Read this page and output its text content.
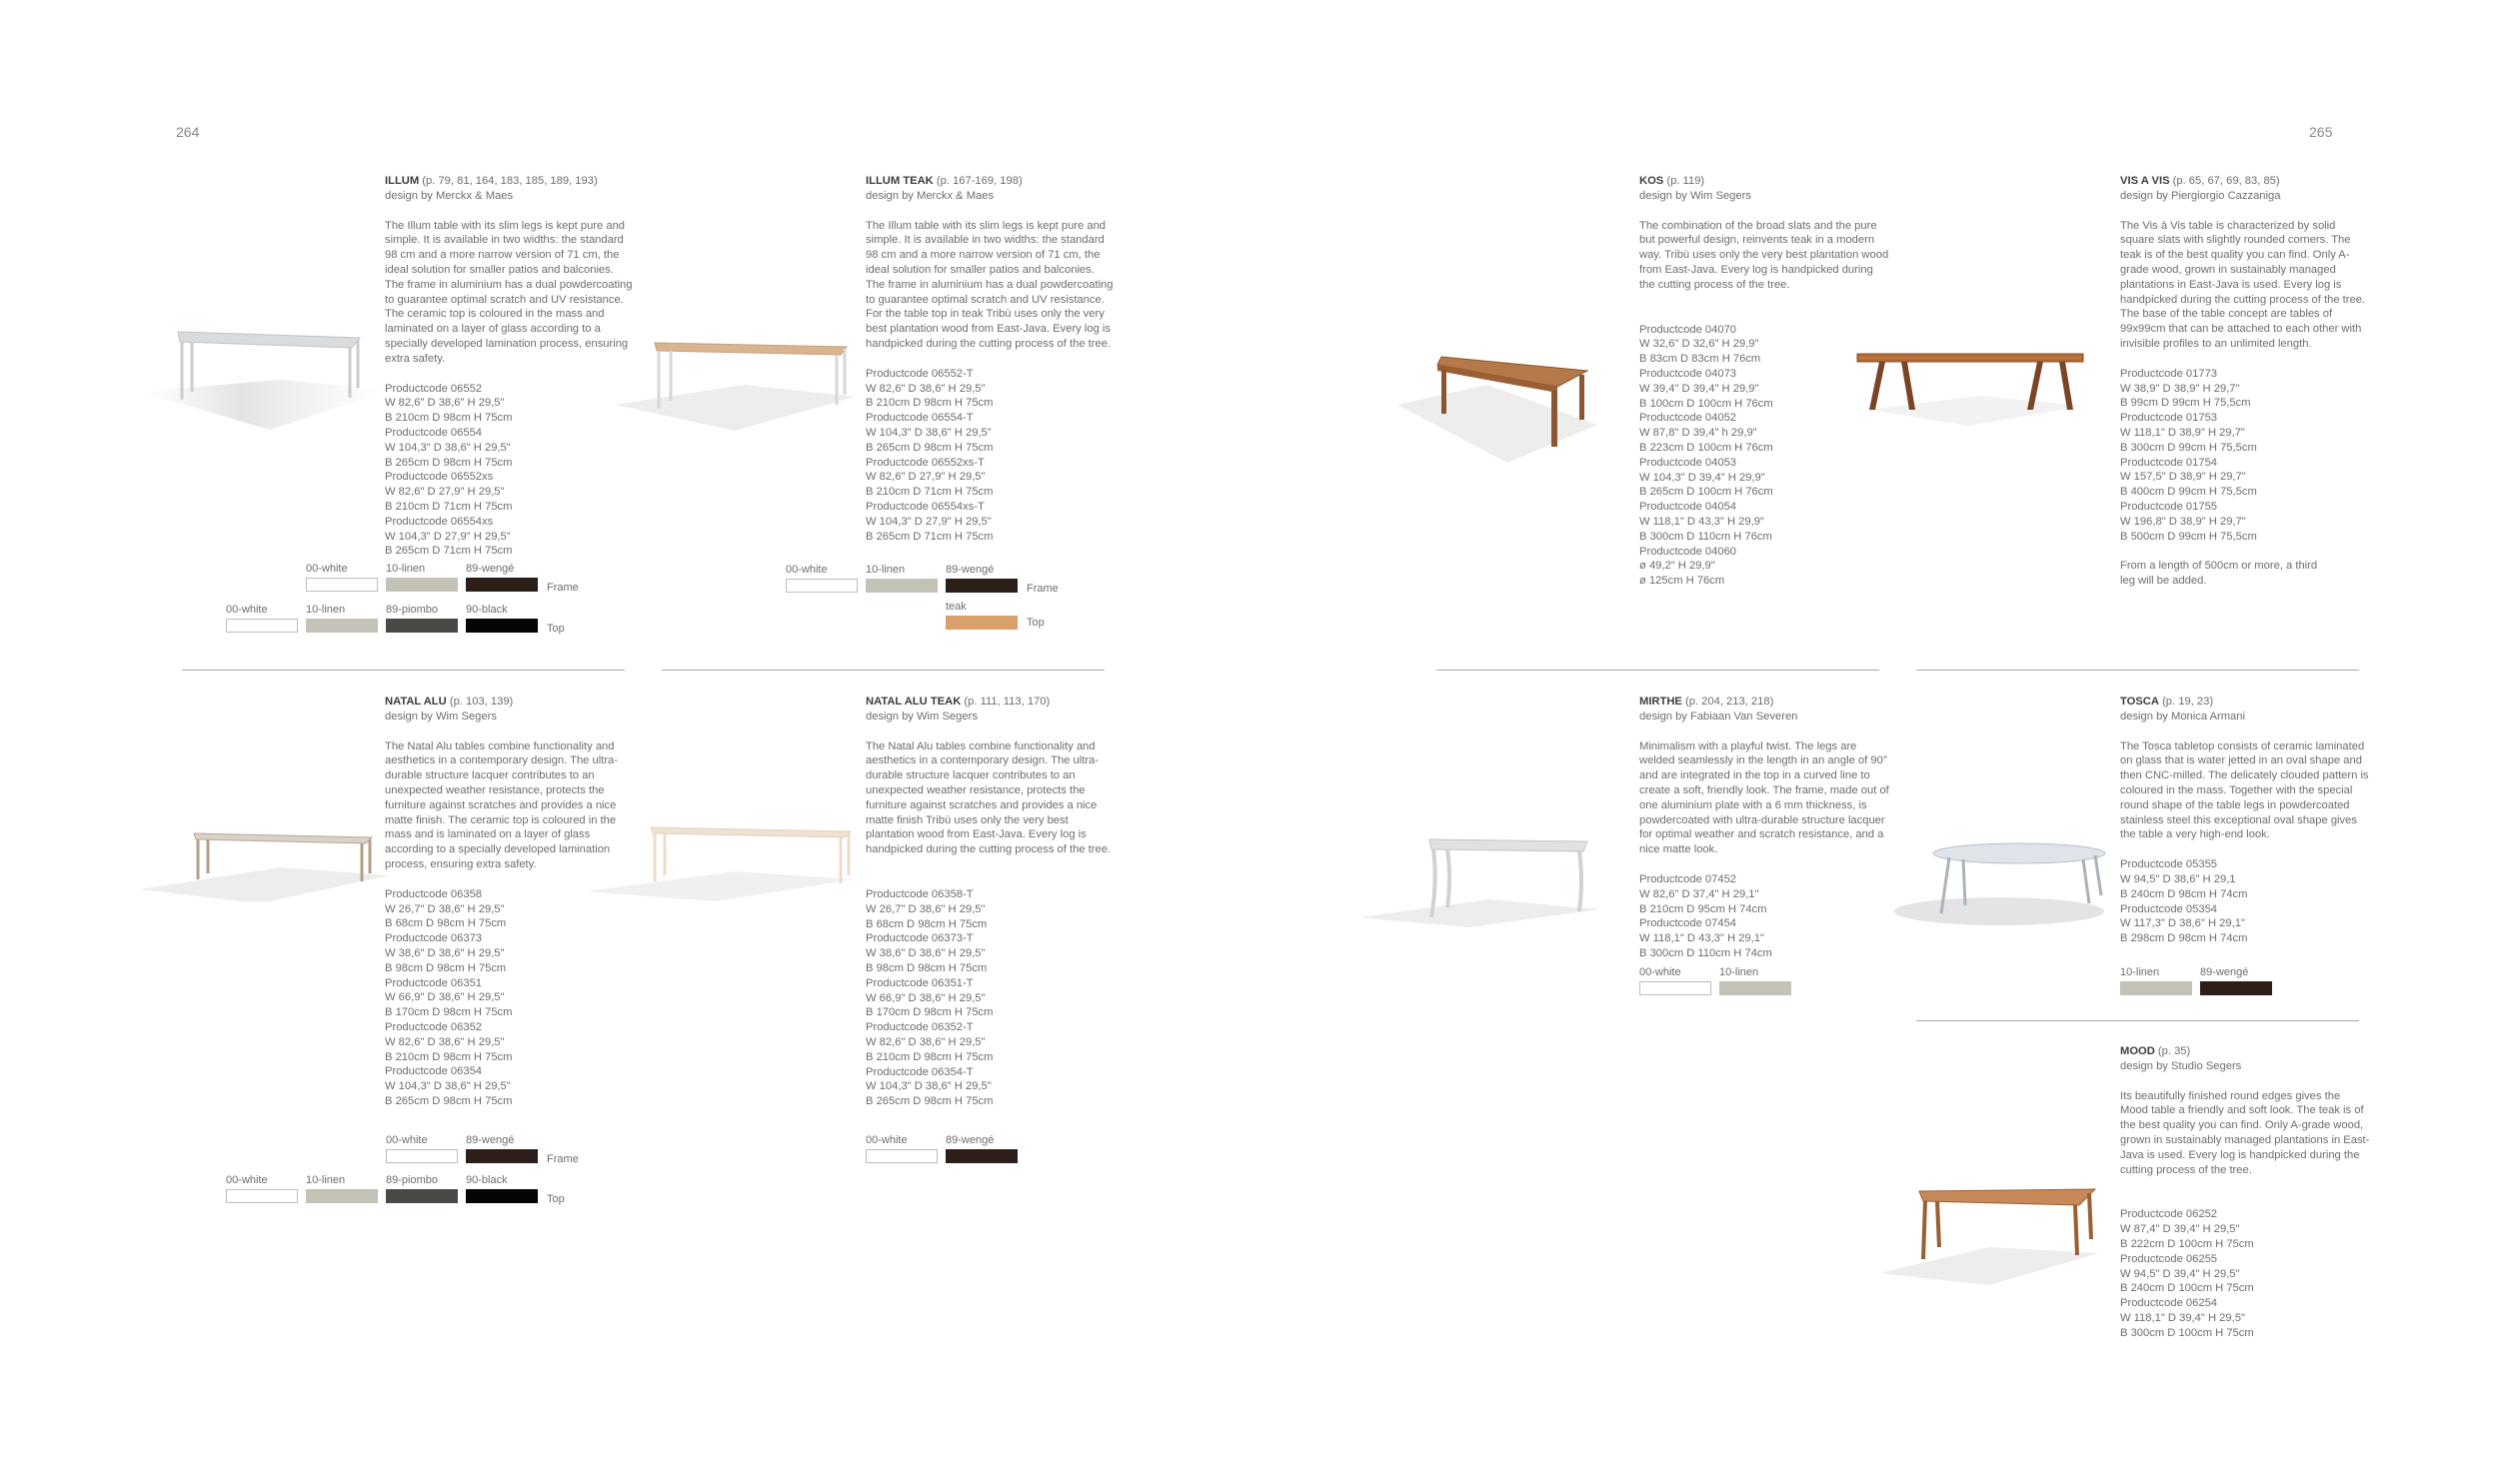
264	265
ILLUM (p. 79, 81, 164, 183, 185, 189, 193)
design by Merckx & Maes
The Illum table with its slim legs is kept pure and simple. It is available in two widths: the standard 98 cm and a more narrow version of 71 cm, the ideal solution for smaller patios and balconies. The frame in aluminium has a dual powdercoating to guarantee optimal scratch and UV resistance. The ceramic top is coloured in the mass and laminated on a layer of glass according to a specially developed lamination process, ensuring extra safety.
Productcode 06552
W 82,6" D 38,6" H 29,5"
B 210cm D 98cm H 75cm
Productcode 06554
W 104,3" D 38,6" H 29,5"
B 265cm D 98cm H 75cm
Productcode 06552xs
W 82,6" D 27,9" H 29,5"
B 210cm D 71cm H 75cm
Productcode 06554xs
W 104,3" D 27,9" H 29,5"
B 265cm D 71cm H 75cm
00-white	10-linen	89-wengé
Frame
00-white	10-linen	89-piombo	90-black
Top
ILLUM TEAK (p. 167-169, 198)
design by Merckx & Maes
The Illum table with its slim legs is kept pure and simple. It is available in two widths: the standard 98 cm and a more narrow version of 71 cm, the ideal solution for smaller patios and balconies. The frame in aluminium has a dual powdercoating to guarantee optimal scratch and UV resistance. For the table top in teak Tribù uses only the very best plantation wood from East-Java. Every log is handpicked during the cutting process of the tree.
Productcode 06552-T
W 82,6" D 38,6" H 29,5"
B 210cm D 98cm H 75cm
Productcode 06554-T
W 104,3" D 38,6" H 29,5"
B 265cm D 98cm H 75cm
Productcode 06552xs-T
W 82,6" D 27,9" H 29,5"
B 210cm D 71cm H 75cm
Productcode 06554xs-T
W 104,3" D 27,9" H 29,5"
B 265cm D 71cm H 75cm
00-white	10-linen	89-wengé
Frame
teak
Top
NATAL ALU (p. 103, 139)
design by Wim Segers
The Natal Alu tables combine functionality and aesthetics in a contemporary design. The ultra-durable structure lacquer contributes to an unexpected weather resistance, protects the furniture against scratches and provides a nice matte finish. The ceramic top is coloured in the mass and is laminated on a layer of glass according to a specially developed lamination process, ensuring extra safety.
Productcode 06358
W 26,7" D 38,6" H 29,5"
B 68cm D 98cm H 75cm
Productcode 06373
W 38,6" D 38,6" H 29,5"
B 98cm D 98cm H 75cm
Productcode 06351
W 66,9" D 38,6" H 29,5"
B 170cm D 98cm H 75cm
Productcode 06352
W 82,6" D 38,6" H 29,5"
B 210cm D 98cm H 75cm
Productcode 06354
W 104,3" D 38,6" H 29,5"
B 265cm D 98cm H 75cm
00-white	89-wengé
Frame
00-white	10-linen	89-piombo	90-black
Top
NATAL ALU TEAK (p. 111, 113, 170)
design by Wim Segers
The Natal Alu tables combine functionality and aesthetics in a contemporary design. The ultra-durable structure lacquer contributes to an unexpected weather resistance, protects the furniture against scratches and provides a nice matte finish Tribù uses only the very best plantation wood from East-Java. Every log is handpicked during the cutting process of the tree.
Productcode 06358-T
W 26,7" D 38,6" H 29,5"
B 68cm D 98cm H 75cm
Productcode 06373-T
W 38,6" D 38,6" H 29,5"
B 98cm D 98cm H 75cm
Productcode 06351-T
W 66,9" D 38,6" H 29,5"
B 170cm D 98cm H 75cm
Productcode 06352-T
W 82,6" D 38,6" H 29,5"
B 210cm D 98cm H 75cm
Productcode 06354-T
W 104,3" D 38,6" H 29,5"
B 265cm D 98cm H 75cm
00-white	89-wengé
KOS (p. 119)
design by Wim Segers
The combination of the broad slats and the pure but powerful design, reinvents teak in a modern way. Tribù uses only the very best plantation wood from East-Java. Every log is handpicked during the cutting process of the tree.
Productcode 04070
W 32,6" D 32,6" H 29,9"
B 83cm D 83cm H 76cm
Productcode 04073
W 39,4" D 39,4" H 29,9"
B 100cm D 100cm H 76cm
Productcode 04052
W 87,8" D 39,4" h 29,9"
B 223cm D 100cm H 76cm
Productcode 04053
W 104,3" D 39,4" H 29,9"
B 265cm D 100cm H 76cm
Productcode 04054
W 118,1" D 43,3" H 29,9"
B 300cm D 110cm H 76cm
Productcode 04060
ø 49,2" H 29,9"
ø 125cm H 76cm
VIS A VIS (p. 65, 67, 69, 83, 85)
design by Piergiorgio Cazzaniga
The Vis à Vis table is characterized by solid square slats with slightly rounded corners. The teak is of the best quality you can find. Only A-grade wood, grown in sustainably managed plantations in East-Java is used. Every log is handpicked during the cutting process of the tree. The base of the table concept are tables of 99x99cm that can be attached to each other with invisible profiles to an unlimited length.
Productcode 01773
W 38,9" D 38,9" H 29,7"
B 99cm D 99cm H 75,5cm
Productcode 01753
W 118,1" D 38,9" H 29,7"
B 300cm D 99cm H 75,5cm
Productcode 01754
W 157,5" D 38,9" H 29,7"
B 400cm D 99cm H 75,5cm
Productcode 01755
W 196,8" D 38,9" H 29,7"
B 500cm D 99cm H 75,5cm
From a length of 500cm or more, a third leg will be added.
MIRTHE (p. 204, 213, 218)
design by Fabiaan Van Severen
Minimalism with a playful twist. The legs are welded seamlessly in the length in an angle of 90° and are integrated in the top in a curved line to create a soft, friendly look. The frame, made out of one aluminium plate with a 6 mm thickness, is powdercoated with ultra-durable structure lacquer for optimal weather and scratch resistance, and a nice matte look.
Productcode 07452
W 82,6" D 37,4" H 29,1"
B 210cm D 95cm H 74cm
Productcode 07454
W 118,1" D 43,3" H 29,1"
B 300cm D 110cm H 74cm
00-white	10-linen
TOSCA (p. 19, 23)
design by Monica Armani
The Tosca tabletop consists of ceramic laminated on glass that is water jetted in an oval shape and then CNC-milled. The delicately clouded pattern is coloured in the mass. Together with the special round shape of the table legs in powdercoated stainless steel this exceptional oval shape gives the table a very high-end look.
Productcode 05355
W 94,5" D 38,6" H 29,1
B 240cm D 98cm H 74cm
Productcode 05354
W 117,3" D 38,6" H 29,1"
B 298cm D 98cm H 74cm
10-linen	89-wengé
MOOD (p. 35)
design by Studio Segers
Its beautifully finished round edges gives the Mood table a friendly and soft look. The teak is of the best quality you can find. Only A-grade wood, grown in sustainably managed plantations in East-Java is used. Every log is handpicked during the cutting process of the tree.
Productcode 06252
W 87,4" D 39,4" H 29,5"
B 222cm D 100cm H 75cm
Productcode 06255
W 94,5" D 39,4" H 29,5"
B 240cm D 100cm H 75cm
Productcode 06254
W 118,1" D 39,4" H 29,5"
B 300cm D 100cm H 75cm
